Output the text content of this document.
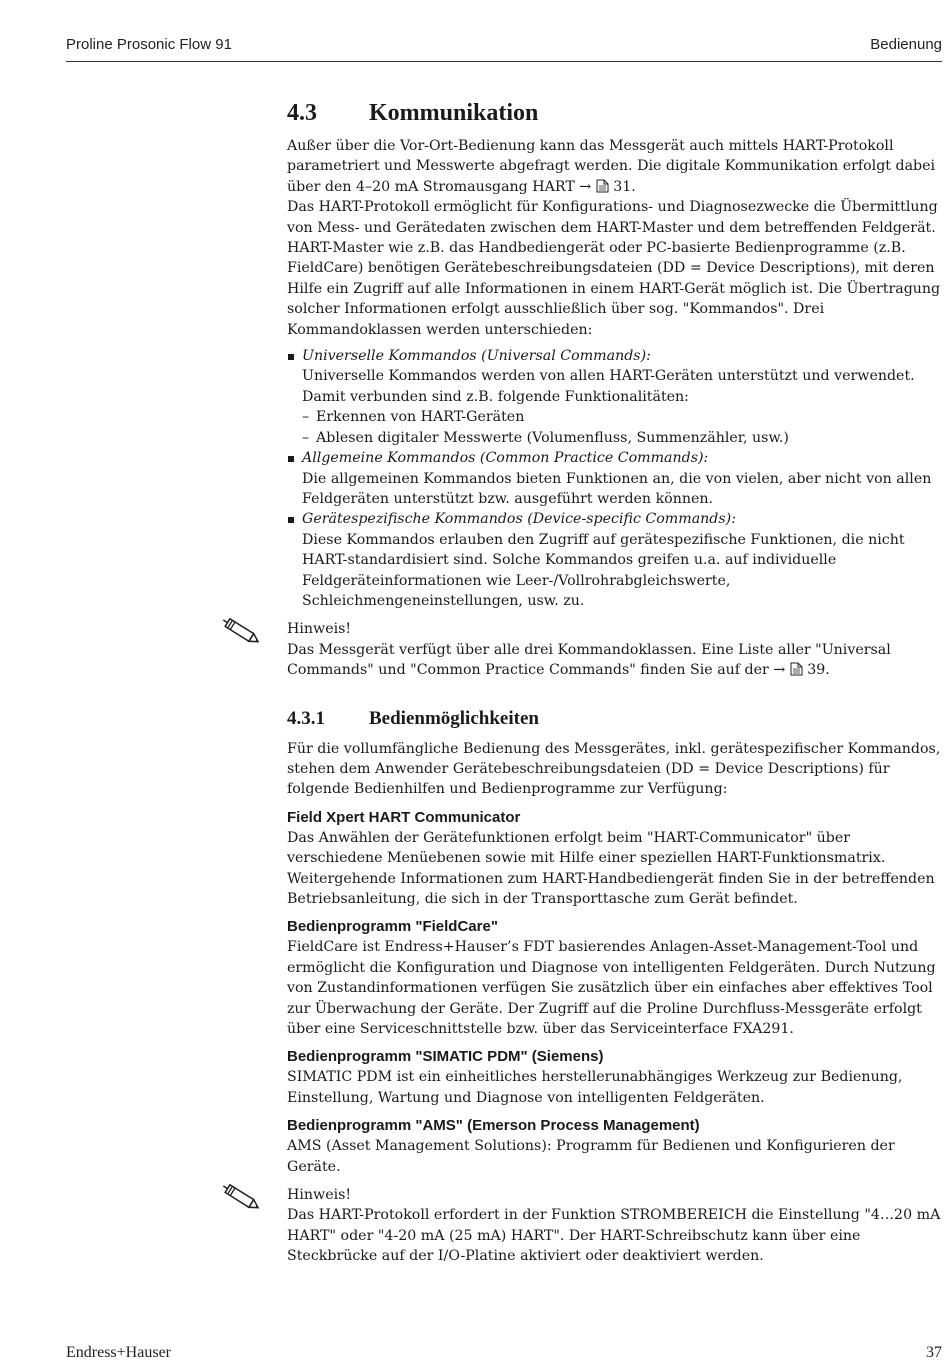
Proline Prosonic Flow 91	Bedienung
4.3 Kommunikation

Außer über die Vor-Ort-Bedienung kann das Messgerät auch mittels HART-Protokoll parametriert und Messwerte abgefragt werden. Die digitale Kommunikation erfolgt dabei über den 4–20 mA Stromausgang HART →  31.

Das HART-Protokoll ermöglicht für Konfigurations- und Diagnosezwecke die Übermittlung von Mess- und Gerätedaten zwischen dem HART-Master und dem betreffenden Feldgerät.

HART-Master wie z.B. das Handbediengerät oder PC-basierte Bedienprogramme (z.B. FieldCare) benötigen Gerätebeschreibungsdateien (DD = Device Descriptions), mit deren Hilfe ein Zugriff auf alle Informationen in einem HART-Gerät möglich ist. Die Übertragung solcher Informationen erfolgt ausschließlich über sog. "Kommandos". Drei Kommandoklassen werden unterschieden:

Universelle Kommandos (Universal Commands):
Universelle Kommandos werden von allen HART-Geräten unterstützt und verwendet. Damit verbunden sind z.B. folgende Funktionalitäten:
– Erkennen von HART-Geräten
– Ablesen digitaler Messwerte (Volumenfluss, Summenzähler, usw.)
Allgemeine Kommandos (Common Practice Commands):
Die allgemeinen Kommandos bieten Funktionen an, die von vielen, aber nicht von allen Feldgeräten unterstützt bzw. ausgeführt werden können.
Gerätespezifische Kommandos (Device-specific Commands):
Diese Kommandos erlauben den Zugriff auf gerätespezifische Funktionen, die nicht HART-standardisiert sind. Solche Kommandos greifen u.a. auf individuelle Feldgeräteinformationen wie Leer-/Vollrohrabgleichswerte, Schleichmengeneinstellungen, usw. zu.
Hinweis!

Das Messgerät verfügt über alle drei Kommandoklassen. Eine Liste aller "Universal Commands" und "Common Practice Commands" finden Sie auf der →  39.

4.3.1 Bedienmöglichkeiten

Für die vollumfängliche Bedienung des Messgerätes, inkl. gerätespezifischer Kommandos, stehen dem Anwender Gerätebeschreibungsdateien (DD = Device Descriptions) für folgende Bedienhilfen und Bedienprogramme zur Verfügung:

Field Xpert HART Communicator

Das Anwählen der Gerätefunktionen erfolgt beim "HART-Communicator" über verschiedene Menüebenen sowie mit Hilfe einer speziellen HART-Funktionsmatrix. Weitergehende Informationen zum HART-Handbediengerät finden Sie in der betreffenden Betriebsanleitung, die sich in der Transporttasche zum Gerät befindet.

Bedienprogramm "FieldCare"

FieldCare ist Endress+Hauser’s FDT basierendes Anlagen-Asset-Management-Tool und ermöglicht die Konfiguration und Diagnose von intelligenten Feldgeräten. Durch Nutzung von Zustandinformationen verfügen Sie zusätzlich über ein einfaches aber effektives Tool zur Überwachung der Geräte. Der Zugriff auf die Proline Durchfluss-Messgeräte erfolgt über eine Serviceschnittstelle bzw. über das Serviceinterface FXA291.

Bedienprogramm "SIMATIC PDM" (Siemens)

SIMATIC PDM ist ein einheitliches herstellerunabhängiges Werkzeug zur Bedienung, Einstellung, Wartung und Diagnose von intelligenten Feldgeräten.

Bedienprogramm "AMS" (Emerson Process Management)

AMS (Asset Management Solutions): Programm für Bedienen und Konfigurieren der Geräte.

Hinweis!

Das HART-Protokoll erfordert in der Funktion STROMBEREICH die Einstellung "4…20 mA HART" oder "4-20 mA (25 mA) HART". Der HART-Schreibschutz kann über eine Steckbrücke auf der I/O-Platine aktiviert oder deaktiviert werden.

Endress+Hauser	37
